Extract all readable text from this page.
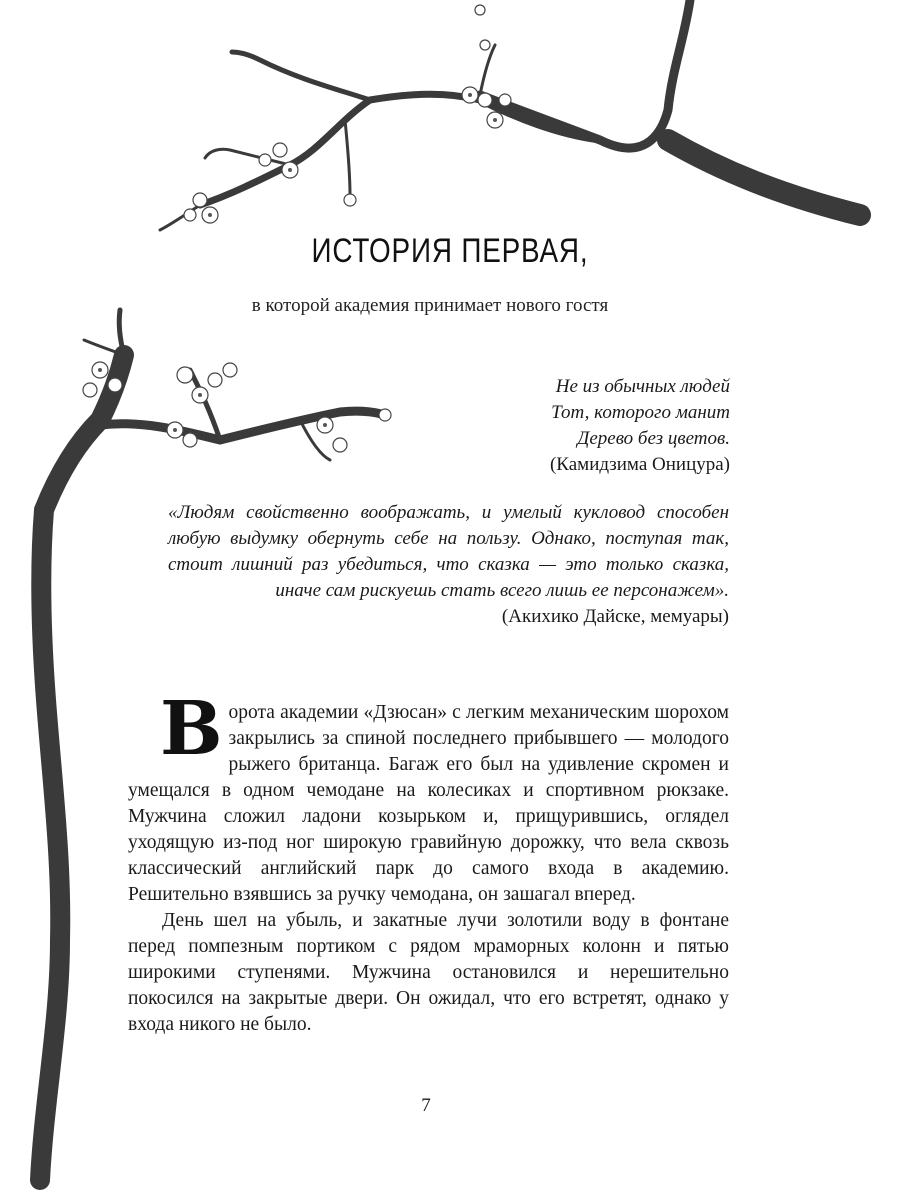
ИСТОРИЯ ПЕРВАЯ,
в которой академия принимает нового гостя
Не из обычных людей
Тот, которого манит
Дерево без цветов.
(Камидзима Оницура)
«Людям свойственно воображать, и умелый кукловод способен любую выдумку обернуть себе на пользу. Однако, поступая так, стоит лишний раз убедиться, что сказка — это только сказка, иначе сам рискуешь стать всего лишь ее персонажем».
(Акихико Дайске, мемуары)

Ворота академии «Дзюсан» с легким механическим шорохом закрылись за спиной последнего прибывшего — молодого рыжего британца. Багаж его был на удивление скромен и умещался в одном чемодане на колесиках и спортивном рюкзаке. Мужчина сложил ладони козырьком и, прищурившись, оглядел уходящую из-под ног широкую гравийную дорожку, что вела сквозь классический английский парк до самого входа в академию. Решительно взявшись за ручку чемодана, он зашагал вперед.

День шел на убыль, и закатные лучи золотили воду в фонтане перед помпезным портиком с рядом мраморных колонн и пятью широкими ступенями. Мужчина остановился и нерешительно покосился на закрытые двери. Он ожидал, что его встретят, однако у входа никого не было.

7
